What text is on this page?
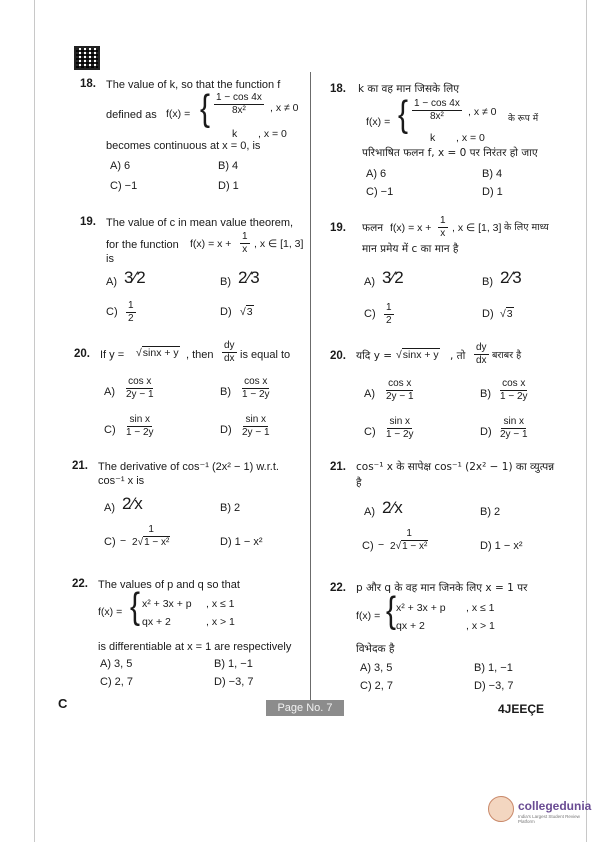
18. The value of k, so that the function f
defined as f(x) = { $\frac{1 - \cos 4x}{\text{8x²}}$ , x ≠ 0
k , x = 0
becomes continuous at x = 0, is
A) 6	B) 4
C) −1	D) 1
18. k का वह मान जिसके लिए
f(x) = { $\frac{1 - \cos 4x}{\text{8x²}}$ , x ≠ 0
के रूप में
k , x = 0
परिभाषित फलन f, x = 0 पर निरंतर हो जाए
A) 6	B) 4
C) −1	D) 1
19. The value of c in mean value theorem,
for the function $f(x) = x + \frac{1}{x}$ , x ∈ [1, 3]
is
A) 3⁄2	B) 2⁄3
$C) \frac{1}{2}$	D) √3
19. फलन $f(x) = x + \frac{1}{x}$ , x ∈ [1, 3] के लिए माध्य
मान प्रमेय में c का मान है
A) 3⁄2	B) 2⁄3
$C) \frac{1}{2}$	D) √3
20. If y = √sinx + y , then $\frac{dy}{dx}$ is equal to
$A) \frac{\text{cos x}}{2y - 1}$	$B) \frac{\text{cos x}}{1 - 2y}$
$C) \frac{\text{sin x}}{1 - 2y}$	$D) \frac{\text{sin x}}{2y - 1}$
20. यदि y = √sinx + y , तो $\frac{dy}{dx}$ बराबर है
$A) \frac{\text{cos x}}{2y - 1}$	$B) \frac{\text{cos x}}{1 - 2y}$
$C) \frac{\text{sin x}}{1 - 2y}$	$D) \frac{\text{sin x}}{2y - 1}$
21. The derivative of cos⁻¹ (2x² − 1) w.r.t.
cos⁻¹ x is
A) 2⁄x	B) 2
$C) - \frac{1}{\text{2√1 − x²}}$	D) 1 − x²
21. cos⁻¹ x के सापेक्ष cos⁻¹ (2x² − 1) का व्युत्पन्न
है
A) 2⁄x	B) 2
$C) - \frac{1}{\text{2√1 − x²}}$	D) 1 − x²
22. The values of p and q so that
f(x) = { x² + 3x + p , x ≤ 1
qx + 2	, x > 1
is differentiable at x = 1 are respectively
A) 3, 5	B) 1, −1
C) 2, 7	D) −3, 7
22. p और q के वह मान जिनके लिए x = 1 पर
f(x) = { x² + 3x + p , x ≤ 1
qx + 2	, x > 1
विभेदक है
A) 3, 5	B) 1, −1
C) 2, 7	D) −3, 7
C	Page No. 7	4JEEÇE
collegedunia
India's Largest Student Review Platform
